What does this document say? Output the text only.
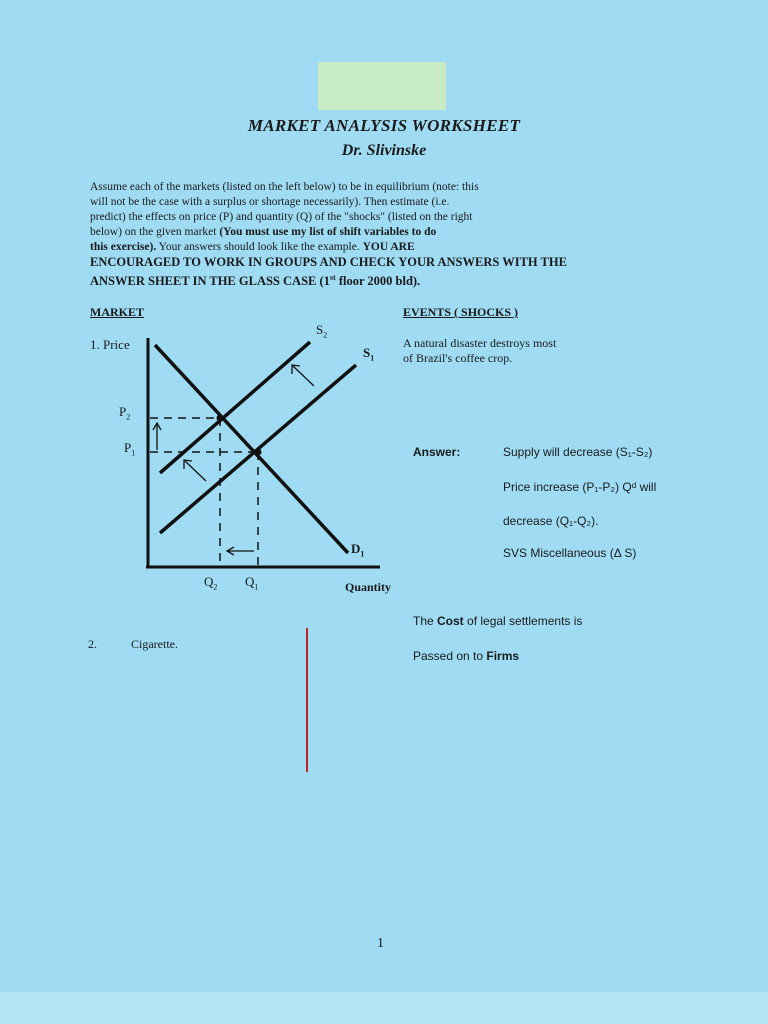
MARKET ANALYSIS WORKSHEET
Dr. Slivinske
Assume each of the markets (listed on the left below) to be in equilibrium (note: this
will not be the case with a surplus or shortage necessarily). Then estimate (i.e.
predict) the effects on price (P) and quantity (Q) of the "shocks" (listed on the right
below) on the given market (You must use my list of shift variables to do
this exercise). Your answers should look like the example. YOU ARE
ENCOURAGED TO WORK IN GROUPS AND CHECK YOUR ANSWERS WITH THE
ANSWER SHEET IN THE GLASS CASE (1st floor 2000 bld).
MARKET	EVENTS ( SHOCKS )
1. Price	A natural disaster destroys most
of Brazil's coffee crop.
$S_2$
$S_1$
$P_2$
$P_1$
$D_1$
$Q_2$ $Q_1$	Quantity
Answer:	Supply will decrease (S₁-S₂)
Price increase (P₁-P₂) Qᵈ will
decrease (Q₁-Q₂).
SVS Miscellaneous (Δ S)
2.	Cigarette.
The Cost of legal settlements is
Passed on to Firms
1
